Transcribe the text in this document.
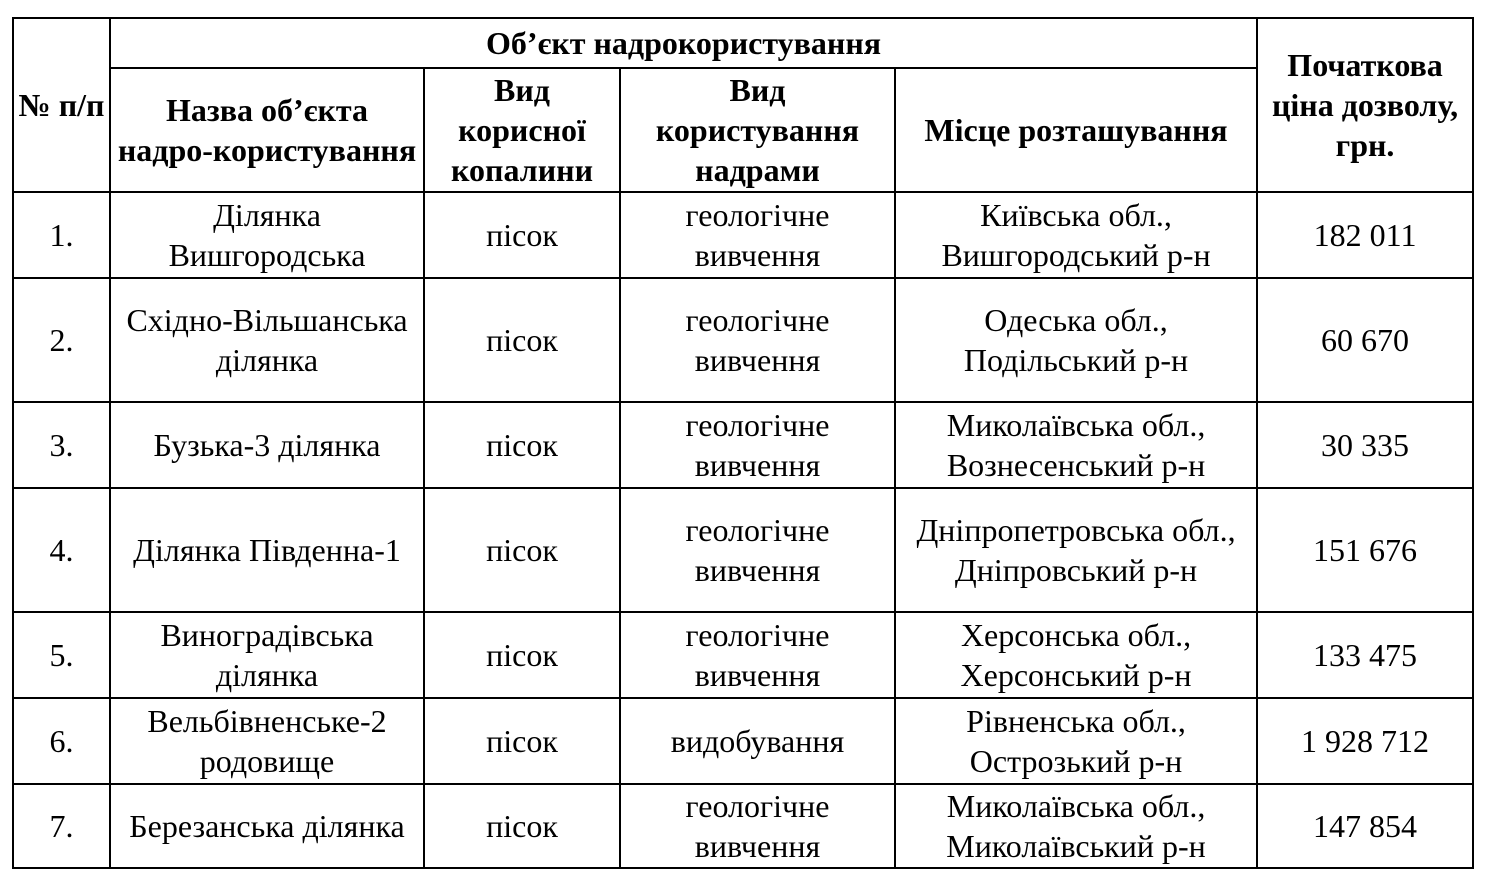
№ п/п	Об’єкт надрокористування				Початкова ціна дозволу, грн.
	Назва об’єкта надро-користування	Вид корисної копалини	Вид користування надрами	Місце розташування	
1.	Ділянка Вишгородська	пісок	геологічне вивчення	Київська обл., Вишгородський р-н	182 011
2.	Східно-Вільшанська ділянка	пісок	геологічне вивчення	Одеська обл., Подільський р-н	60 670
3.	Бузька-3 ділянка	пісок	геологічне вивчення	Миколаївська обл., Вознесенський р-н	30 335
4.	Ділянка Південна-1	пісок	геологічне вивчення	Дніпропетровська обл., Дніпровський р-н	151 676
5.	Виноградівська ділянка	пісок	геологічне вивчення	Херсонська обл., Херсонський р-н	133 475
6.	Вельбівненське-2 родовище	пісок	видобування	Рівненська обл., Острозький р-н	1 928 712
7.	Березанська ділянка	пісок	геологічне вивчення	Миколаївська обл., Миколаївський р-н	147 854
